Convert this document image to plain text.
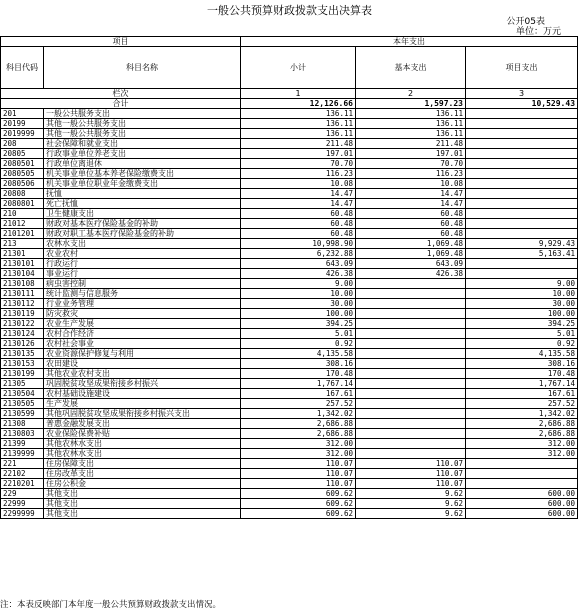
一般公共预算财政拨款支出决算表
公开05表
单位：万元
项目		本年支出		
科目代码	科目名称	小计	基本支出	项目支出
栏次		1	2	3
合计		12,126.66	1,597.23	10,529.43
201	一般公共服务支出	136.11	136.11	
20199	其他一般公共服务支出	136.11	136.11	
2019999	其他一般公共服务支出	136.11	136.11	
208	社会保障和就业支出	211.48	211.48	
20805	行政事业单位养老支出	197.01	197.01	
2080501	行政单位离退休	70.70	70.70	
2080505	机关事业单位基本养老保险缴费支出	116.23	116.23	
2080506	机关事业单位职业年金缴费支出	10.08	10.08	
20808	抚恤	14.47	14.47	
2080801	死亡抚恤	14.47	14.47	
210	卫生健康支出	60.48	60.48	
21012	财政对基本医疗保险基金的补助	60.48	60.48	
2101201	财政对职工基本医疗保险基金的补助	60.48	60.48	
213	农林水支出	10,998.90	1,069.48	9,929.43
21301	农业农村	6,232.88	1,069.48	5,163.41
2130101	行政运行	643.09	643.09	
2130104	事业运行	426.38	426.38	
2130108	病虫害控制	9.00		9.00
2130111	统计监测与信息服务	10.00		10.00
2130112	行业业务管理	30.00		30.00
2130119	防灾救灾	100.00		100.00
2130122	农业生产发展	394.25		394.25
2130124	农村合作经济	5.01		5.01
2130126	农村社会事业	0.92		0.92
2130135	农业资源保护修复与利用	4,135.58		4,135.58
2130153	农田建设	308.16		308.16
2130199	其他农业农村支出	170.48		170.48
21305	巩固脱贫攻坚成果衔接乡村振兴	1,767.14		1,767.14
2130504	农村基础设施建设	167.61		167.61
2130505	生产发展	257.52		257.52
2130599	其他巩固脱贫攻坚成果衔接乡村振兴支出	1,342.02		1,342.02
21308	普惠金融发展支出	2,686.88		2,686.88
2130803	农业保险保费补贴	2,686.88		2,686.88
21399	其他农林水支出	312.00		312.00
2139999	其他农林水支出	312.00		312.00
221	住房保障支出	110.07	110.07	
22102	住房改革支出	110.07	110.07	
2210201	住房公积金	110.07	110.07	
229	其他支出	609.62	9.62	600.00
22999	其他支出	609.62	9.62	600.00
2299999	其他支出	609.62	9.62	600.00
注：本表反映部门本年度一般公共预算财政拨款支出情况。
